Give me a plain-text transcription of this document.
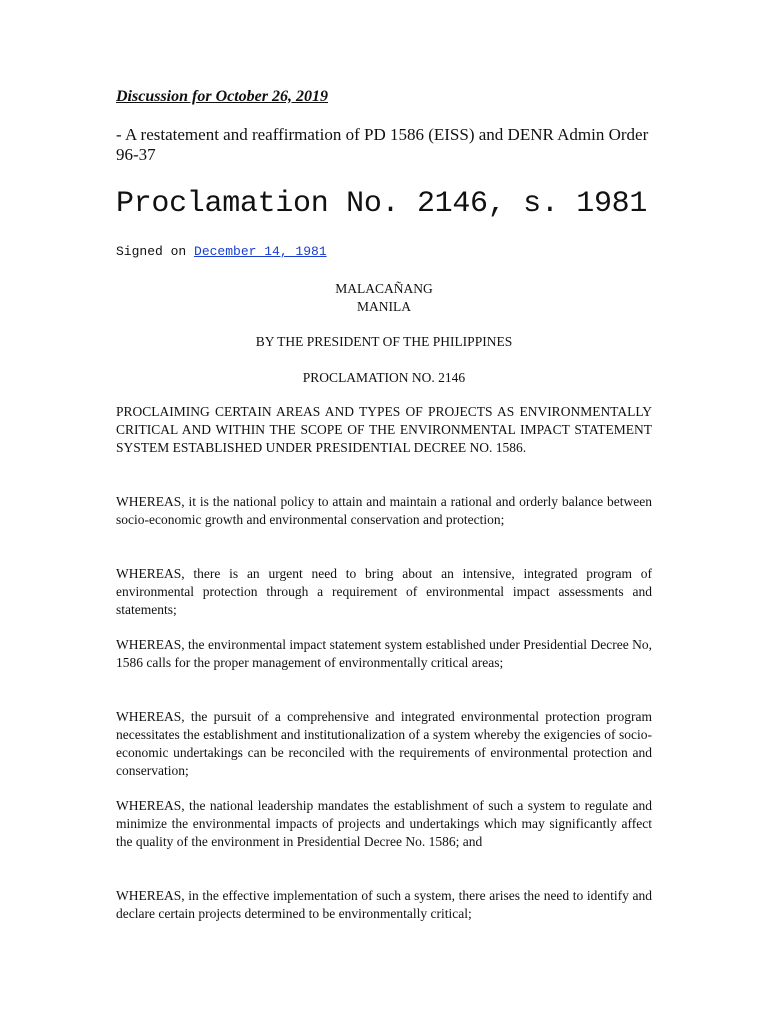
Discussion for October 26, 2019
- A restatement and reaffirmation of PD 1586 (EISS) and DENR Admin Order 96-37
Proclamation No. 2146, s. 1981
Signed on December 14, 1981
MALACAÑANG
MANILA
BY THE PRESIDENT OF THE PHILIPPINES
PROCLAMATION NO. 2146

PROCLAIMING CERTAIN AREAS AND TYPES OF PROJECTS AS ENVIRONMENTALLY CRITICAL AND WITHIN THE SCOPE OF THE ENVIRONMENTAL IMPACT STATEMENT SYSTEM ESTABLISHED UNDER PRESIDENTIAL DECREE NO. 1586.

WHEREAS, it is the national policy to attain and maintain a rational and orderly balance between socio-economic growth and environmental conservation and protection;

WHEREAS, there is an urgent need to bring about an intensive, integrated program of environmental protection through a requirement of environmental impact assessments and statements;

WHEREAS, the environmental impact statement system established under Presidential Decree No, 1586 calls for the proper management of environmentally critical areas;

WHEREAS, the pursuit of a comprehensive and integrated environmental protection program necessitates the establishment and institutionalization of a system whereby the exigencies of socio-economic undertakings can be reconciled with the requirements of environmental protection and conservation;

WHEREAS, the national leadership mandates the establishment of such a system to regulate and minimize the environmental impacts of projects and undertakings which may significantly affect the quality of the environment in Presidential Decree No. 1586; and

WHEREAS, in the effective implementation of such a system, there arises the need to identify and declare certain projects determined to be environmentally critical;
